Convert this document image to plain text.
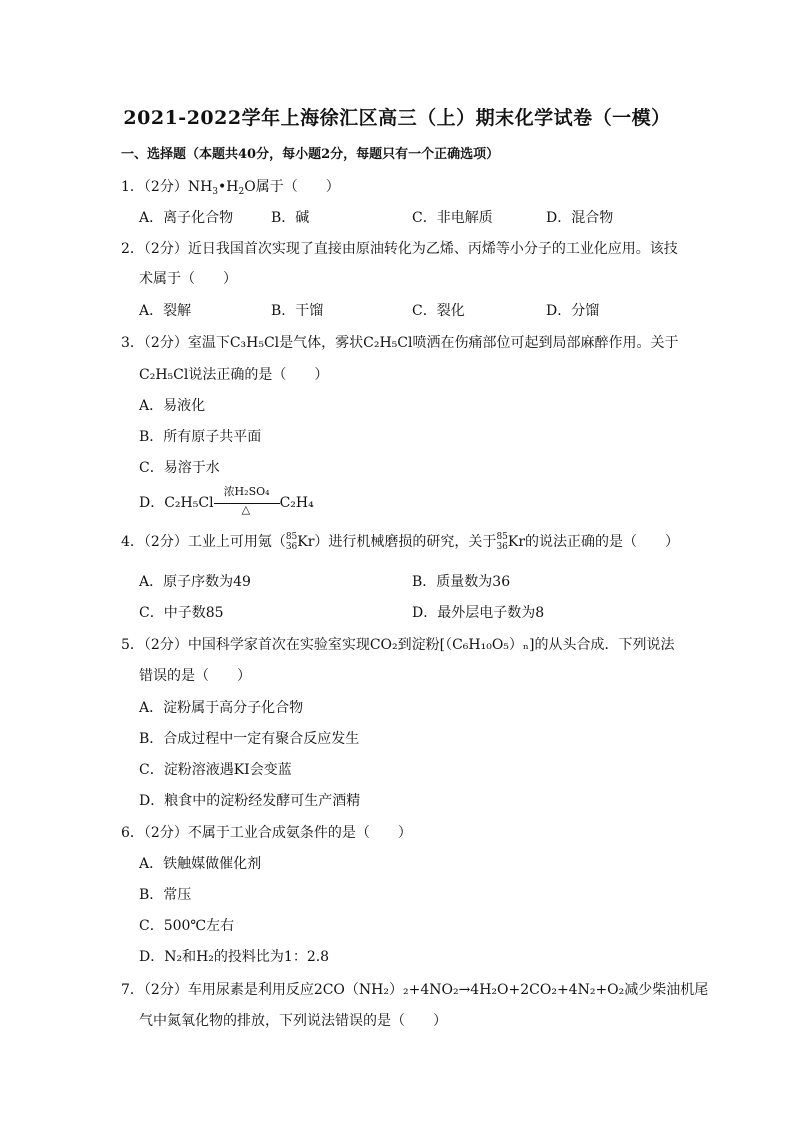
2021-2022学年上海徐汇区高三（上）期末化学试卷（一模）
一、选择题（本题共40分，每小题2分，每题只有一个正确选项）
1．（2分）$NH_3•H_2O$属于（　　）
A．离子化合物	B．碱	C．非电解质	D．混合物
2．（2分）近日我国首次实现了直接由原油转化为乙烯、丙烯等小分子的工业化应用。该技
术属于（　　）
A．裂解	B．干馏	C．裂化	D．分馏
3．（2分）室温下C₃H₅Cl是气体，雾状C₂H₅Cl喷洒在伤痛部位可起到局部麻醉作用。关于
C₂H₅Cl说法正确的是（　　）
A．易液化
B．所有原子共平面
C．易溶于水
D．C₂H₅Cl
浓H₂SO₄
△ C₂H₄
4．（2分）工业上可用氪（ 85
36 Kr）进行机械磨损的研究，关于 85
36 Kr的说法正确的是（　　）
A．原子序数为49	B．质量数为36
C．中子数85	D．最外层电子数为8
5．（2分）中国科学家首次在实验室实现CO₂到淀粉[（C₆H₁₀O₅）ₙ]的从头合成．下列说法
错误的是（　　）
A．淀粉属于高分子化合物
B．合成过程中一定有聚合反应发生
C．淀粉溶液遇KI会变蓝
D．粮食中的淀粉经发酵可生产酒精
6．（2分）不属于工业合成氨条件的是（　　）
A．铁触媒做催化剂
B．常压
C．500℃左右
D．N₂和H₂的投料比为1：2.8
7．（2分）车用尿素是利用反应2CO（NH₂）₂+4NO₂→4H₂O+2CO₂+4N₂+O₂减少柴油机尾
气中氮氧化物的排放，下列说法错误的是（　　）
